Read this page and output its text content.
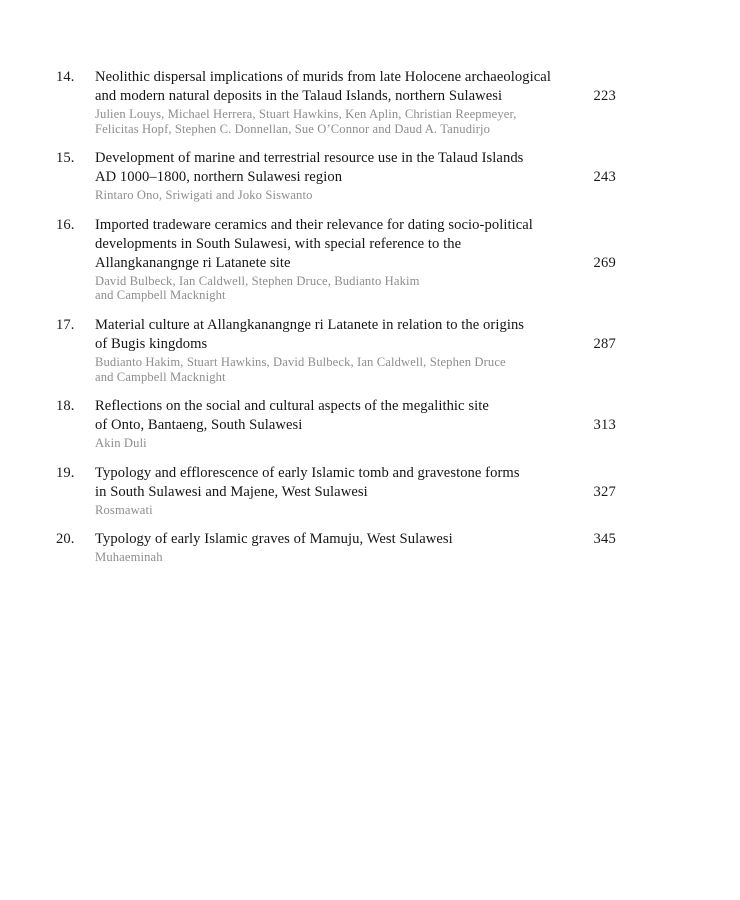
14.
223
Neolithic dispersal implications of murids from late Holocene archaeological
and modern natural deposits in the Talaud Islands, northern Sulawesi
Julien Louys, Michael Herrera, Stuart Hawkins, Ken Aplin, Christian Reepmeyer,
Felicitas Hopf, Stephen C. Donnellan, Sue O’Connor and Daud A. Tanudirjo
15.
243
Development of marine and terrestrial resource use in the Talaud Islands
AD 1000–1800, northern Sulawesi region
Rintaro Ono, Sriwigati and Joko Siswanto
16.
269
Imported tradeware ceramics and their relevance for dating socio-political
developments in South Sulawesi, with special reference to the
Allangkanangnge ri Latanete site
David Bulbeck, Ian Caldwell, Stephen Druce, Budianto Hakim
and Campbell Macknight
17.
287
Material culture at Allangkanangnge ri Latanete in relation to the origins
of Bugis kingdoms
Budianto Hakim, Stuart Hawkins, David Bulbeck, Ian Caldwell, Stephen Druce
and Campbell Macknight
18.
313
Reflections on the social and cultural aspects of the megalithic site
of Onto, Bantaeng, South Sulawesi
Akin Duli
19.
327
Typology and efflorescence of early Islamic tomb and gravestone forms
in South Sulawesi and Majene, West Sulawesi
Rosmawati
20.	345
Typology of early Islamic graves of Mamuju, West Sulawesi
Muhaeminah
